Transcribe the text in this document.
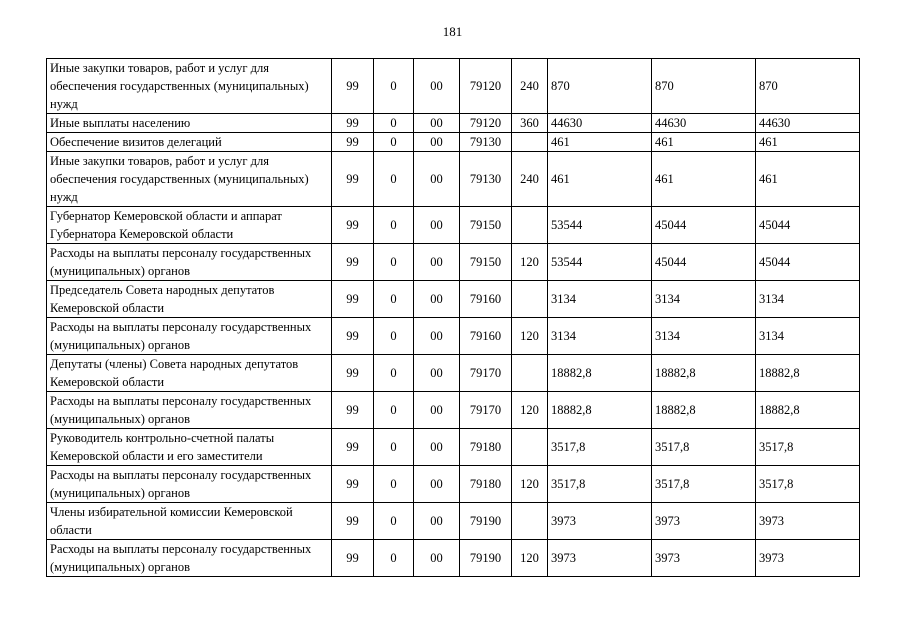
181
Иные закупки товаров, работ и услуг для обеспечения государственных (муниципальных) нужд	99	0	00	79120	240	870	870	870
Иные выплаты населению	99	0	00	79120	360	44630	44630	44630
Обеспечение визитов делегаций	99	0	00	79130		461	461	461
Иные закупки товаров, работ и услуг для обеспечения государственных (муниципальных) нужд	99	0	00	79130	240	461	461	461
Губернатор Кемеровской области и аппарат Губернатора Кемеровской области	99	0	00	79150		53544	45044	45044
Расходы на выплаты персоналу государственных (муниципальных) органов	99	0	00	79150	120	53544	45044	45044
Председатель Совета народных депутатов Кемеровской области	99	0	00	79160		3134	3134	3134
Расходы на выплаты персоналу государственных (муниципальных) органов	99	0	00	79160	120	3134	3134	3134
Депутаты (члены) Совета народных депутатов Кемеровской области	99	0	00	79170		18882,8	18882,8	18882,8
Расходы на выплаты персоналу государственных (муниципальных) органов	99	0	00	79170	120	18882,8	18882,8	18882,8
Руководитель контрольно-счетной палаты Кемеровской области и его заместители	99	0	00	79180		3517,8	3517,8	3517,8
Расходы на выплаты персоналу государственных (муниципальных) органов	99	0	00	79180	120	3517,8	3517,8	3517,8
Члены избирательной комиссии Кемеровской области	99	0	00	79190		3973	3973	3973
Расходы на выплаты персоналу государственных (муниципальных) органов	99	0	00	79190	120	3973	3973	3973
